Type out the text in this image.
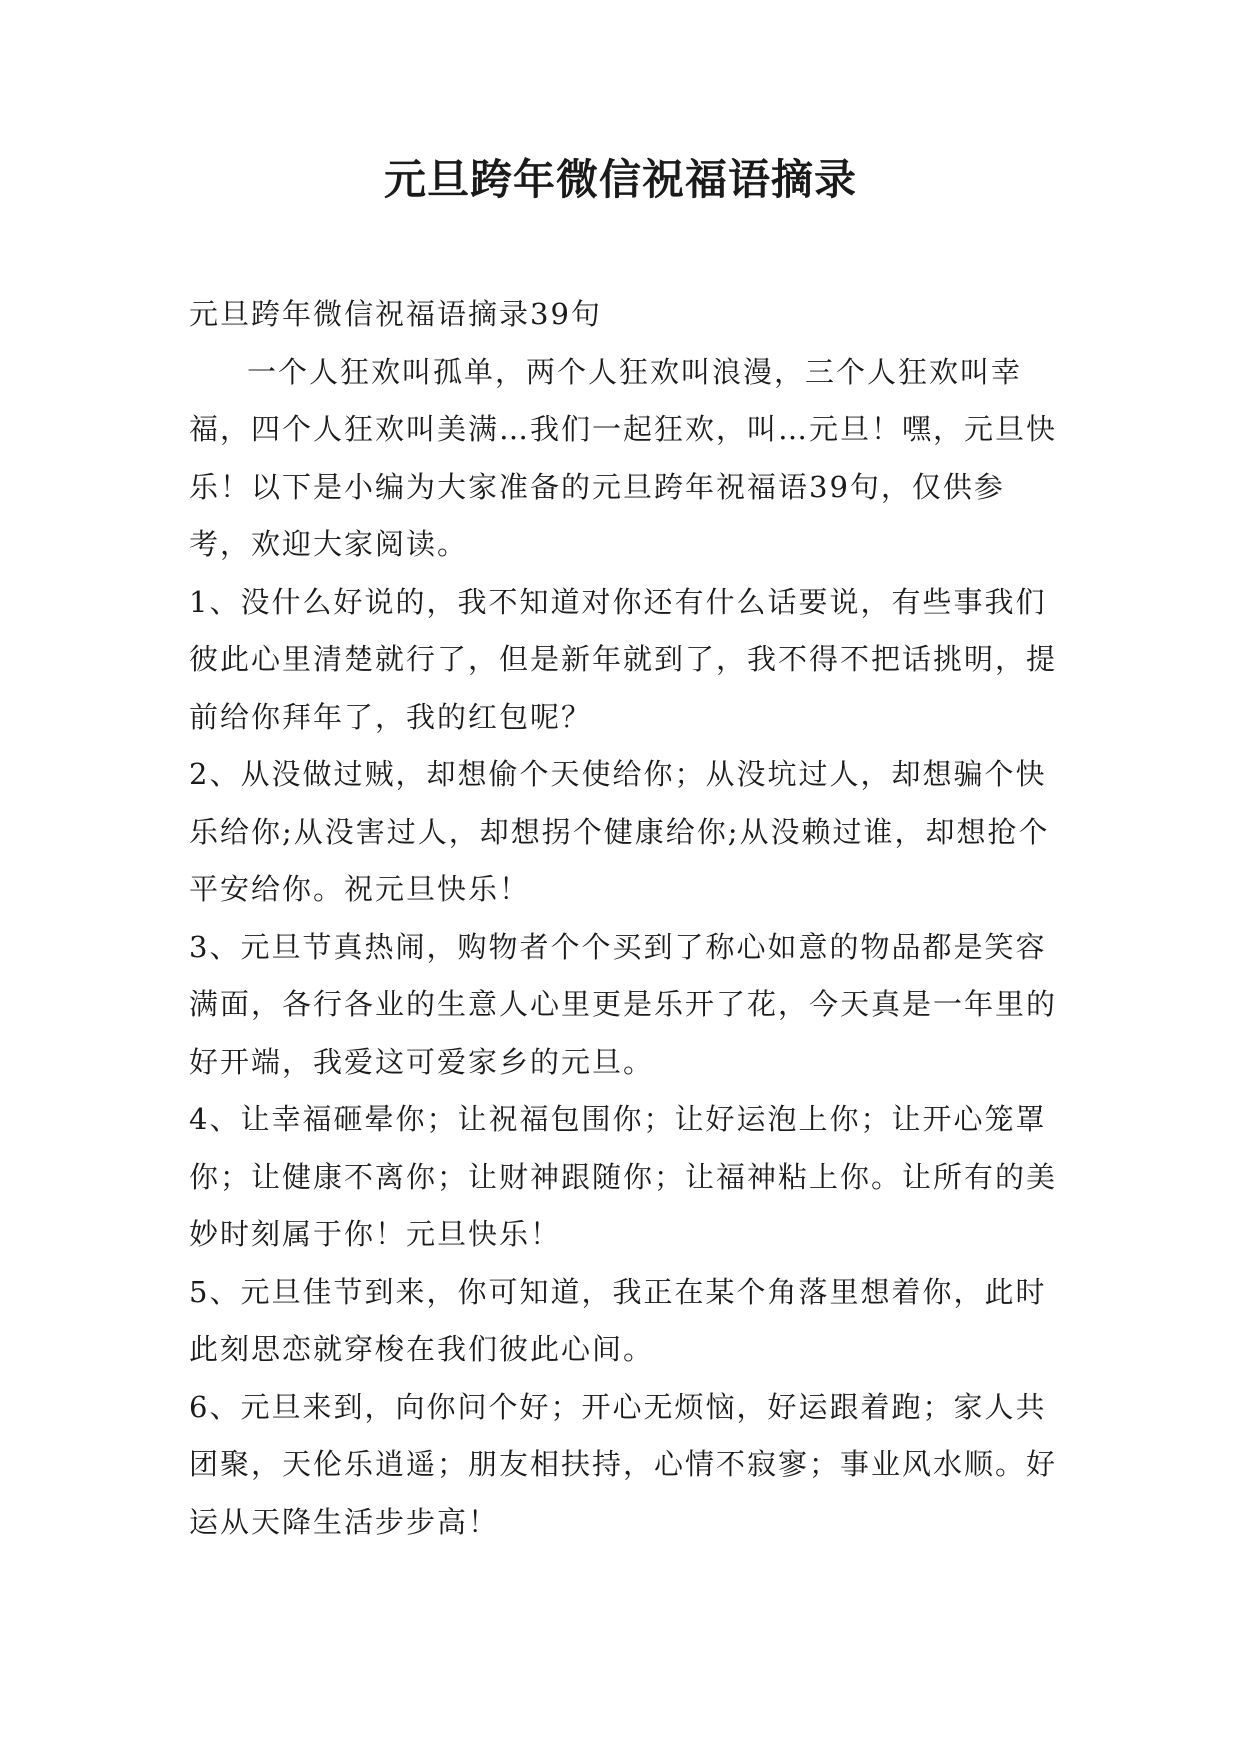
元旦跨年微信祝福语摘录

元旦跨年微信祝福语摘录39句

一个人狂欢叫孤单，两个人狂欢叫浪漫，三个人狂欢叫幸福，四个人狂欢叫美满…我们一起狂欢，叫…元旦！嘿，元旦快乐！以下是小编为大家准备的元旦跨年祝福语39句，仅供参考，欢迎大家阅读。

1、没什么好说的，我不知道对你还有什么话要说，有些事我们彼此心里清楚就行了，但是新年就到了，我不得不把话挑明，提前给你拜年了，我的红包呢？

2、从没做过贼，却想偷个天使给你；从没坑过人，却想骗个快乐给你;从没害过人，却想拐个健康给你;从没赖过谁，却想抢个平安给你。祝元旦快乐！

3、元旦节真热闹，购物者个个买到了称心如意的物品都是笑容满面，各行各业的生意人心里更是乐开了花，今天真是一年里的好开端，我爱这可爱家乡的元旦。

4、让幸福砸晕你；让祝福包围你；让好运泡上你；让开心笼罩你；让健康不离你；让财神跟随你；让福神粘上你。让所有的美妙时刻属于你！元旦快乐！

5、元旦佳节到来，你可知道，我正在某个角落里想着你，此时此刻思恋就穿梭在我们彼此心间。

6、元旦来到，向你问个好；开心无烦恼，好运跟着跑；家人共团聚，天伦乐逍遥；朋友相扶持，心情不寂寥；事业风水顺。好运从天降生活步步高！
